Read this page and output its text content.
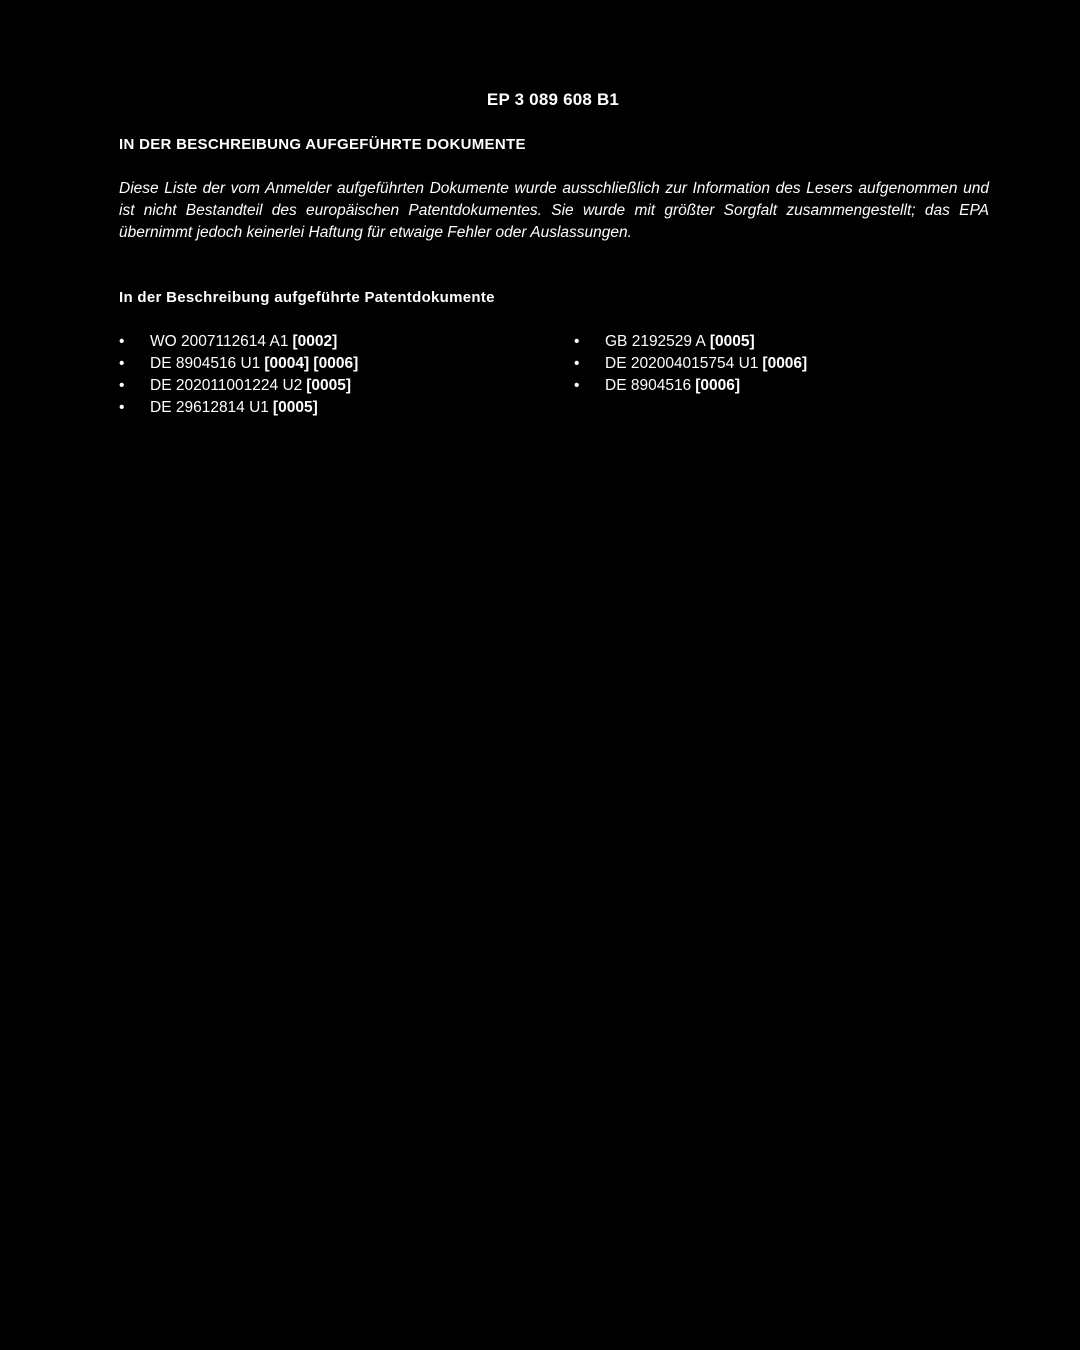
EP 3 089 608 B1
IN DER BESCHREIBUNG AUFGEFÜHRTE DOKUMENTE
Diese Liste der vom Anmelder aufgeführten Dokumente wurde ausschließlich zur Information des Lesers aufgenommen und ist nicht Bestandteil des europäischen Patentdokumentes. Sie wurde mit größter Sorgfalt zusammengestellt; das EPA übernimmt jedoch keinerlei Haftung für etwaige Fehler oder Auslassungen.
In der Beschreibung aufgeführte Patentdokumente
•	WO 2007112614 A1 [0002]
•	DE 8904516 U1 [0004] [0006]
•	DE 202011001224 U2 [0005]
•	DE 29612814 U1 [0005]
•	GB 2192529 A [0005]
•	DE 202004015754 U1 [0006]
•	DE 8904516 [0006]
